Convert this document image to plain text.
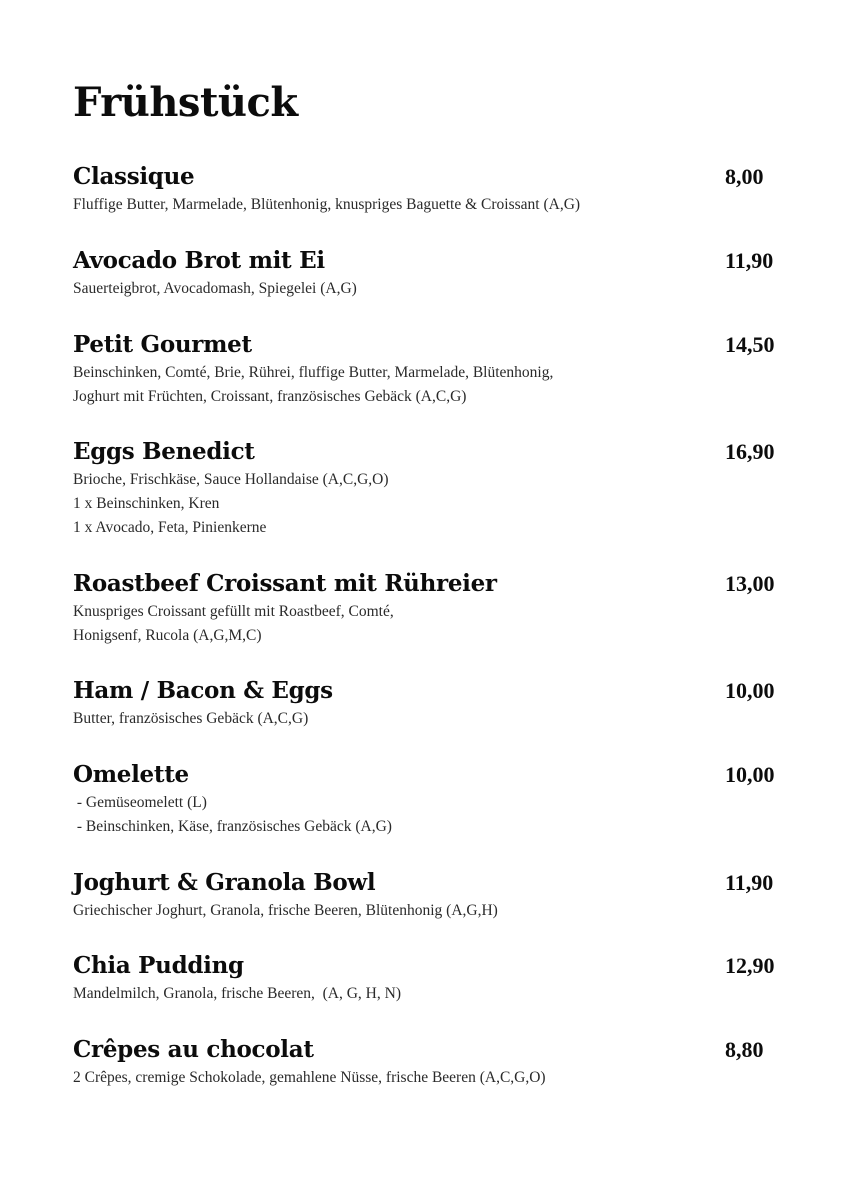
Frühstück
Classique	8,00
Fluffige Butter, Marmelade, Blütenhonig, knuspriges Baguette & Croissant (A,G)
Avocado Brot mit Ei	11,90
Sauerteigbrot, Avocadomash, Spiegelei (A,G)
Petit Gourmet	14,50
Beinschinken, Comté, Brie, Rührei, fluffige Butter, Marmelade, Blütenhonig,
Joghurt mit Früchten, Croissant, französisches Gebäck (A,C,G)
Eggs Benedict	16,90
Brioche, Frischkäse, Sauce Hollandaise (A,C,G,O)
1 x Beinschinken, Kren
1 x Avocado, Feta, Pinienkerne
Roastbeef Croissant mit Rühreier	13,00
Knuspriges Croissant gefüllt mit Roastbeef, Comté,
Honigsenf, Rucola (A,G,M,C)
Ham / Bacon & Eggs	10,00
Butter, französisches Gebäck (A,C,G)
Omelette	10,00
- Gemüseomelett (L)
- Beinschinken, Käse, französisches Gebäck (A,G)
Joghurt & Granola Bowl	11,90
Griechischer Joghurt, Granola, frische Beeren, Blütenhonig (A,G,H)
Chia Pudding	12,90
Mandelmilch, Granola, frische Beeren,  (A, G, H, N)
Crêpes au chocolat	8,80
2 Crêpes, cremige Schokolade, gemahlene Nüsse, frische Beeren (A,C,G,O)
